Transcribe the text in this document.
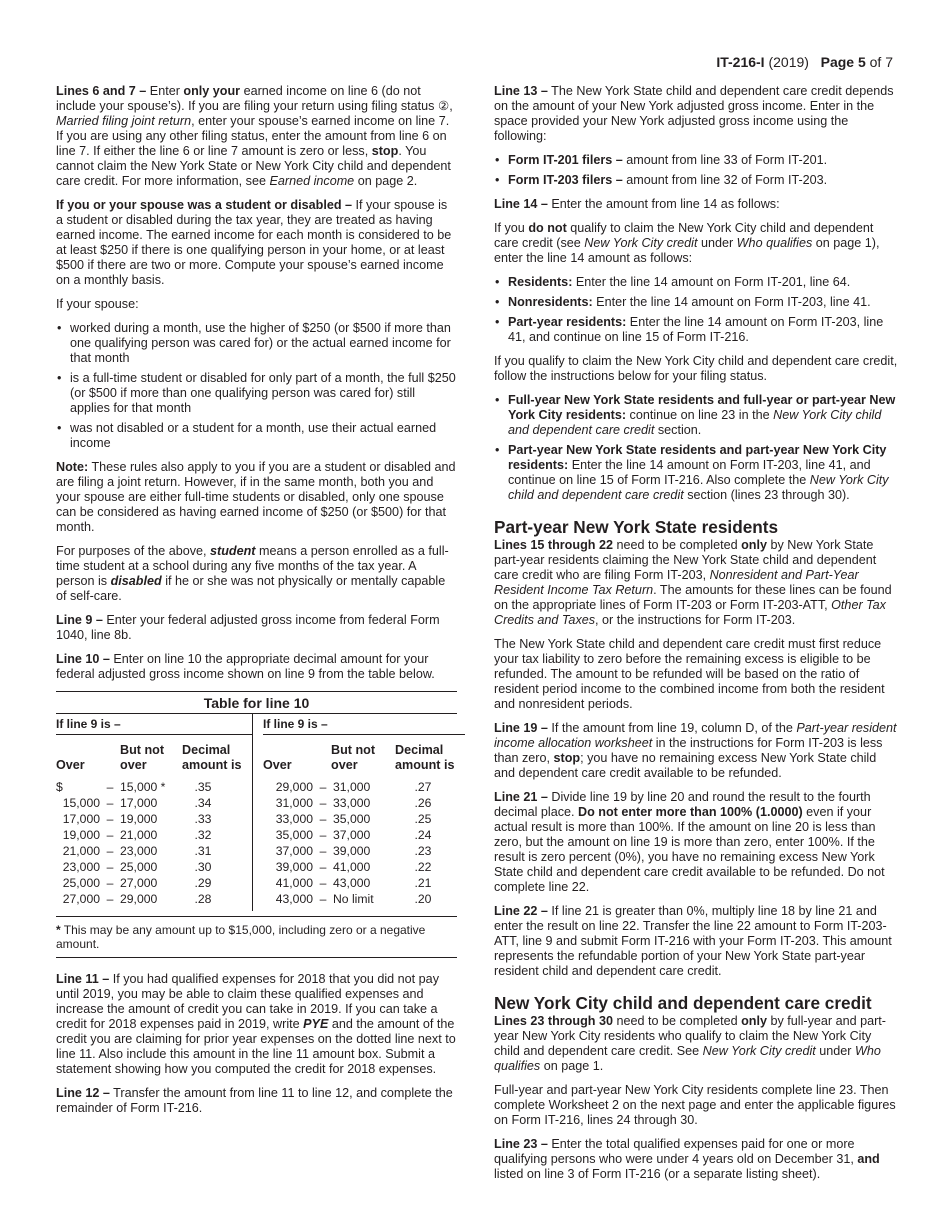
IT-216-I (2019) Page 5 of 7

Lines 6 and 7 – Enter only your earned income on line 6 (do not include your spouse’s). If you are filing your return using filing status ②, Married filing joint return, enter your spouse’s earned income on line 7. If you are using any other filing status, enter the amount from line 6 on line 7. If either the line 6 or line 7 amount is zero or less, stop. You cannot claim the New York State or New York City child and dependent care credit. For more information, see Earned income on page 2.

If you or your spouse was a student or disabled – If your spouse is a student or disabled during the tax year, they are treated as having earned income. The earned income for each month is considered to be at least $250 if there is one qualifying person in your home, or at least $500 if there are two or more. Compute your spouse’s earned income on a monthly basis.

If your spouse:

• worked during a month, use the higher of $250 (or $500 if more than one qualifying person was cared for) or the actual earned income for that month
• is a full-time student or disabled for only part of a month, the full $250 (or $500 if more than one qualifying person was cared for) still applies for that month
• was not disabled or a student for a month, use their actual earned income

Note: These rules also apply to you if you are a student or disabled and are filing a joint return. However, if in the same month, both you and your spouse are either full-time students or disabled, only one spouse can be considered as having earned income of $250 (or $500) for that month.

For purposes of the above, student means a person enrolled as a full-time student at a school during any five months of the tax year. A person is disabled if he or she was not physically or mentally capable of self-care.

Line 9 – Enter your federal adjusted gross income from federal Form 1040, line 8b.

Line 10 – Enter on line 10 the appropriate decimal amount for your federal adjusted gross income shown on line 9 from the table below.

Table for line 10
If line 9 is –
Over
But not over
Decimal amount is
$	– 15,000 *	.35
15,000 – 17,000	.34
17,000 – 19,000	.33
19,000 – 21,000	.32
21,000 – 23,000	.31
23,000 – 25,000	.30
25,000 – 27,000	.29
27,000 – 29,000	.28
If line 9 is –
Over
But not over
Decimal amount is
29,000 – 31,000	.27
31,000 – 33,000	.26
33,000 – 35,000	.25
35,000 – 37,000	.24
37,000 – 39,000	.23
39,000 – 41,000	.22
41,000 – 43,000	.21
43,000 – No limit	.20
* This may be any amount up to $15,000, including zero or a negative amount.

Line 11 – If you had qualified expenses for 2018 that you did not pay until 2019, you may be able to claim these qualified expenses and increase the amount of credit you can take in 2019. If you can take a credit for 2018 expenses paid in 2019, write PYE and the amount of the credit you are claiming for prior year expenses on the dotted line next to line 11. Also include this amount in the line 11 amount box. Submit a statement showing how you computed the credit for 2018 expenses.

Line 12 – Transfer the amount from line 11 to line 12, and complete the remainder of Form IT-216.

Line 13 – The New York State child and dependent care credit depends on the amount of your New York adjusted gross income. Enter in the space provided your New York adjusted gross income using the following:

• Form IT-201 filers – amount from line 33 of Form IT-201.
• Form IT-203 filers – amount from line 32 of Form IT-203.

Line 14 – Enter the amount from line 14 as follows:

If you do not qualify to claim the New York City child and dependent care credit (see New York City credit under Who qualifies on page 1), enter the line 14 amount as follows:

• Residents: Enter the line 14 amount on Form IT-201, line 64.
• Nonresidents: Enter the line 14 amount on Form IT-203, line 41.
• Part-year residents: Enter the line 14 amount on Form IT-203, line 41, and continue on line 15 of Form IT-216.

If you qualify to claim the New York City child and dependent care credit, follow the instructions below for your filing status.

• Full-year New York State residents and full-year or part-year New York City residents: continue on line 23 in the New York City child and dependent care credit section.
• Part-year New York State residents and part-year New York City residents: Enter the line 14 amount on Form IT-203, line 41, and continue on line 15 of Form IT-216. Also complete the New York City child and dependent care credit section (lines 23 through 30).
Part-year New York State residents

Lines 15 through 22 need to be completed only by New York State part-year residents claiming the New York State child and dependent care credit who are filing Form IT-203, Nonresident and Part-Year Resident Income Tax Return. The amounts for these lines can be found on the appropriate lines of Form IT-203 or Form IT-203-ATT, Other Tax Credits and Taxes, or the instructions for Form IT-203.

The New York State child and dependent care credit must first reduce your tax liability to zero before the remaining excess is eligible to be refunded. The amount to be refunded will be based on the ratio of resident period income to the combined income from both the resident and nonresident periods.

Line 19 – If the amount from line 19, column D, of the Part-year resident income allocation worksheet in the instructions for Form IT-203 is less than zero, stop; you have no remaining excess New York State child and dependent care credit available to be refunded.

Line 21 – Divide line 19 by line 20 and round the result to the fourth decimal place. Do not enter more than 100% (1.0000) even if your actual result is more than 100%. If the amount on line 20 is less than zero, but the amount on line 19 is more than zero, enter 100%. If the result is zero percent (0%), you have no remaining excess New York State child and dependent care credit available to be refunded. Do not complete line 22.

Line 22 – If line 21 is greater than 0%, multiply line 18 by line 21 and enter the result on line 22. Transfer the line 22 amount to Form IT-203-ATT, line 9 and submit Form IT-216 with your Form IT-203. This amount represents the refundable portion of your New York State part-year resident child and dependent care credit.

New York City child and dependent care credit

Lines 23 through 30 need to be completed only by full-year and part-year New York City residents who qualify to claim the New York City child and dependent care credit. See New York City credit under Who qualifies on page 1.

Full-year and part-year New York City residents complete line 23. Then complete Worksheet 2 on the next page and enter the applicable figures on Form IT-216, lines 24 through 30.

Line 23 – Enter the total qualified expenses paid for one or more qualifying persons who were under 4 years old on December 31, and listed on line 3 of Form IT-216 (or a separate listing sheet).
